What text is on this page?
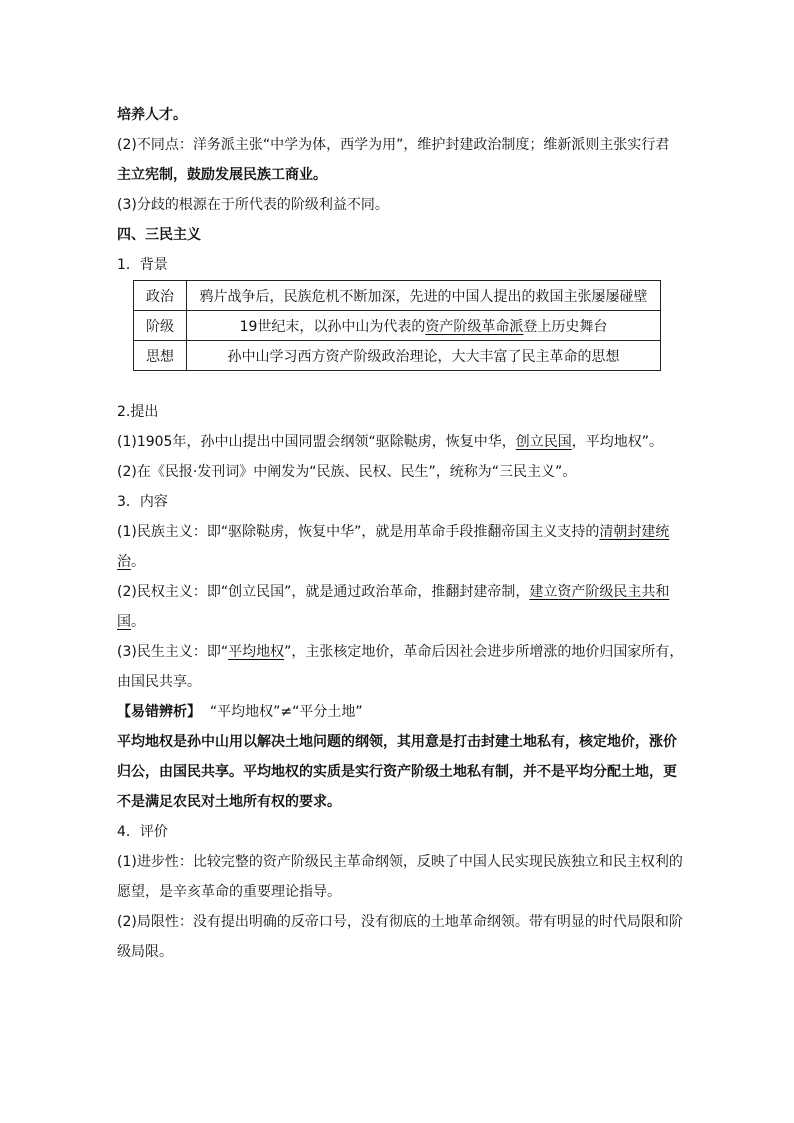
培养人才。
(2)不同点：洋务派主张“中学为体，西学为用”，维护封建政治制度；维新派则主张实行君
主立宪制，鼓励发展民族工商业。
(3)分歧的根源在于所代表的阶级利益不同。
四、三民主义
1．背景
政治	鸦片战争后，民族危机不断加深，先进的中国人提出的救国主张屡屡碰壁
阶级	19世纪末，以孙中山为代表的资产阶级革命派登上历史舞台
思想	孙中山学习西方资产阶级政治理论，大大丰富了民主革命的思想
2.提出
(1)1905年，孙中山提出中国同盟会纲领“驱除鞑虏，恢复中华，创立民国，平均地权”。
(2)在《民报·发刊词》中阐发为“民族、民权、民生”，统称为“三民主义”。
3．内容
(1)民族主义：即“驱除鞑虏，恢复中华”，就是用革命手段推翻帝国主义支持的清朝封建统
治。
(2)民权主义：即“创立民国”，就是通过政治革命，推翻封建帝制，建立资产阶级民主共和
国。
(3)民生主义：即“平均地权”，主张核定地价，革命后因社会进步所增涨的地价归国家所有，
由国民共享。
【易错辨析】 “平均地权”≠“平分土地”
平均地权是孙中山用以解决土地问题的纲领，其用意是打击封建土地私有，核定地价，涨价
归公，由国民共享。平均地权的实质是实行资产阶级土地私有制，并不是平均分配土地，更
不是满足农民对土地所有权的要求。
4．评价
(1)进步性：比较完整的资产阶级民主革命纲领，反映了中国人民实现民族独立和民主权利的
愿望，是辛亥革命的重要理论指导。
(2)局限性：没有提出明确的反帝口号，没有彻底的土地革命纲领。带有明显的时代局限和阶
级局限。
